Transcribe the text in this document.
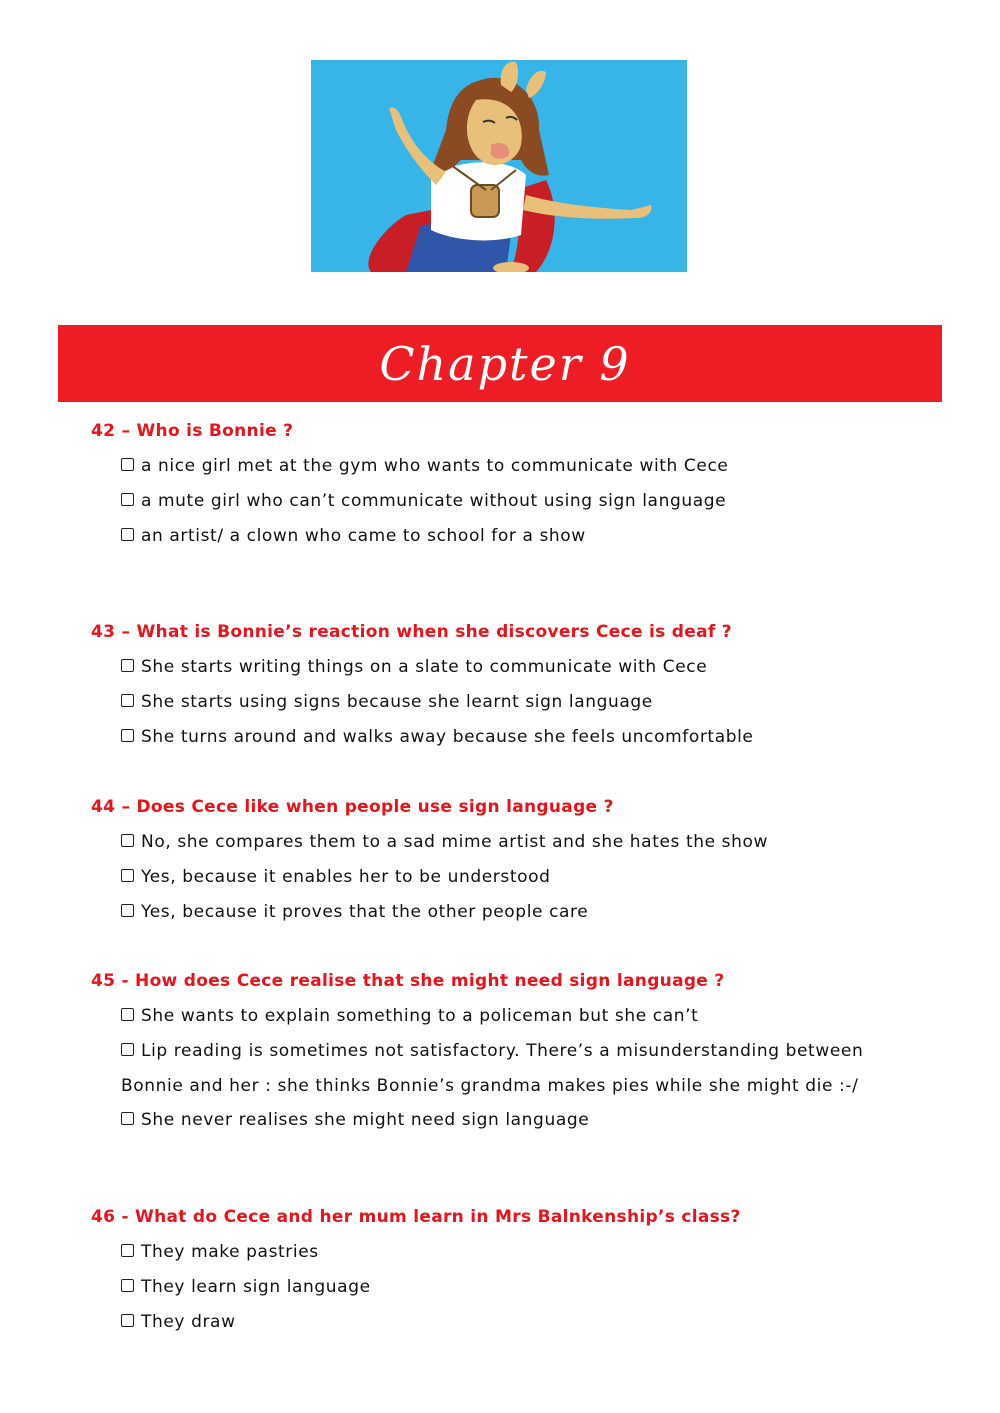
Chapter 9
42 – Who is Bonnie ?
a nice girl met at the gym who wants to communicate with Cece
a mute girl who can’t communicate without using sign language
an artist/ a clown who came to school for a show
43 – What is Bonnie’s reaction when she discovers Cece is deaf ?
She starts writing things on a slate to communicate with Cece
She starts using signs because she learnt sign language
She turns around and walks away because she feels uncomfortable
44 – Does Cece like when people use sign language ?
No, she compares them to a sad mime artist and she hates the show
Yes, because it enables her to be understood
Yes, because it proves that the other people care
45 - How does Cece realise that she might need sign language ?
She wants to explain something to a policeman but she can’t
Lip reading is sometimes not satisfactory. There’s a misunderstanding between
Bonnie and her : she thinks Bonnie’s grandma makes pies while she might die :-/
She never realises she might need sign language
46 - What do Cece and her mum learn in Mrs Balnkenship’s class?
They make pastries
They learn sign language
They draw
